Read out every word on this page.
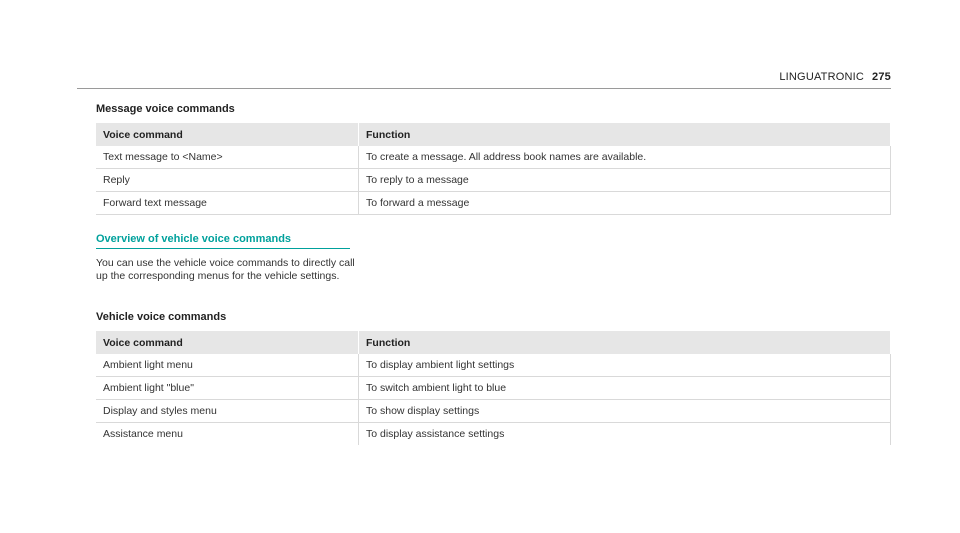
LINGUATRONIC 275
Message voice commands
Voice command	Function
Text message to <Name>	To create a message. All address book names are available.
Reply	To reply to a message
Forward text message	To forward a message
Overview of vehicle voice commands
You can use the vehicle voice commands to directly call up the corresponding menus for the vehicle settings.
Vehicle voice commands
Voice command	Function
Ambient light menu	To display ambient light settings
Ambient light "blue"	To switch ambient light to blue
Display and styles menu	To show display settings
Assistance menu	To display assistance settings
